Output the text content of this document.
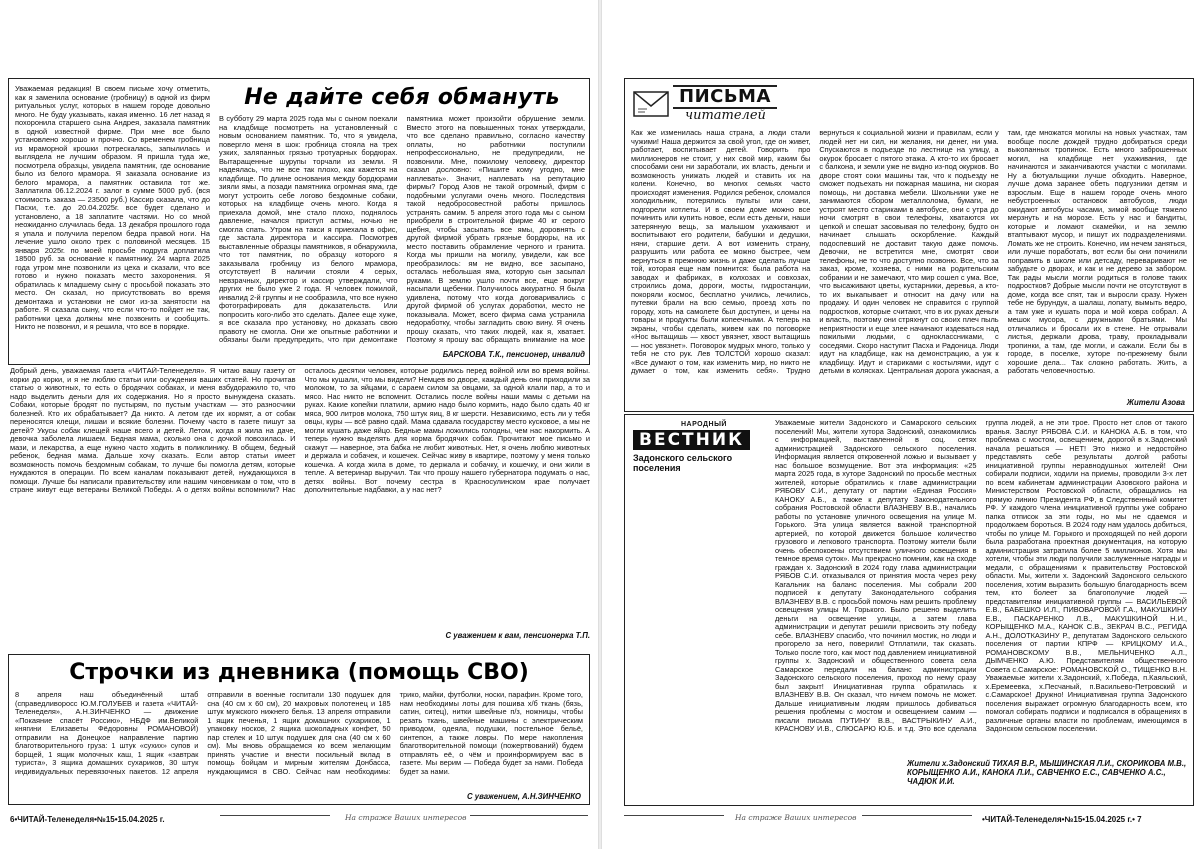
Уважаемая редакция! В своем письме хочу отметить, как я заменила основание (гробницу) в одной из фирм ритуальных услуг, которых в нашем городе довольно много. Не буду указывать, какая именно. 16 лет назад я похоронила старшего сына Андрея, заказала памятник в одной известной фирме. При мне все было установлено хорошо и прочно. Со временем гробница из мраморной крошки потрескалась, запылилась и выглядела не лучшим образом. Я пришла туда же, посмотрела образцы, увидела памятник, где основание было из белого мрамора. Я заказала основание из белого мрамора, а памятник оставила тот же. Заплатила 06.12.2024 г. залог в сумме 5000 руб. (вся стоимость заказа — 23500 руб.) Кассир сказала, что до Пасхи, т.е. до 20.04.2025г. все будет сделано и установлено, а 18 заплатите частями. Но со мной неожиданно случилась беда. 13 декабря прошлого года я упала и получила перелом бедра правой ноги. На лечение ушло около трех с половиной месяцев. 15 января 2025г. по моей просьбе подруга доплатила 18500 руб. за основание к памятнику. 24 марта 2025 года утром мне позвонили из цеха и сказали, что все готово и нужно показать место захоронения. Я обратилась к младшему сыну с просьбой показать это место. Он сказал, но присутствовать во время демонтажа и установки не смог из-за занятости на работе. Я сказала сыну, что если что-то пойдет не так, работники цеха должны мне позвонить и сообщить. Никто не позвонил, и я решила, что все в порядке.

Не дайте себя обмануть

В субботу 29 марта 2025 года мы с сыном поехали на кладбище посмотреть на установленный с новым основанием памятник. То, что я увидела, повергло меня в шок: гробница стояла на трех узких, заляпанных грязью тротуарных бордюрах. Вытаращенные шурупы торчали из земли. Я надеялась, что не все так плохо, как кажется на кладбище. По длине основания между бордюрами зияли ямы, а позади памятника огромная яма, где могут устроить себе логово бездомные собаки, которых на кладбище очень много. Когда я приехала домой, мне стало плохо, поднялось давление, начался приступ астмы, ночью не смогла спать. Утром на такси я приехала в офис, где застала директора и кассира. Посмотрев выставленные образцы памятников, я обнаружила, что тот памятник, по образцу которого я заказывала гробницу из белого мрамора, отсутствует! В наличии стояли 4 серых, невзрачных, директор и кассир утверждали, что других не было уже 2 года. Я человек пожилой, инвалид 2-й группы и не сообразила, что все нужно фотографировать для доказательств. Или попросить кого-либо это сделать. Далее еще хуже, я все сказала про установку, но доказать свою правоту не смогла. Они же опытные работники и обязаны были предупредить, что при демонтаже памятника может произойти обрушение земли. Вместо этого на повышенных тонах утверждали, что все сделано правильно, согласно качеству оплаты, но работники поступили непрофессионально, не предупредили, не позвонили. Мне, пожилому человеку, директор сказал дословно: «Пишите кому угодно, мне наплевать». Значит, наплевать на репутацию фирмы? Город Азов не такой огромный, фирм с подобными услугами очень много. Последствия такой недобросовестной работы пришлось устранять самим. 5 апреля этого года мы с сыном приобрели в строительной фирме 40 кг серого щебня, чтобы засыпать все ямы, доровнять с другой фирмой убрать грязные бордюры, на их место поставить обрамление черного и гранита. Когда мы пришли на могилу, увидели, как все преобразилось: ям не видно, все засыпано, осталась небольшая яма, которую сын засыпал руками. В землю ушло почти все, еще вокруг насыпали щебенки. Получилось аккуратно. Я была удивлена, потому что когда договаривались с другой фирмой об услугах доработки, место не показывала. Может, всего фирма сама устранила недоработку, чтобы загладить свою вину. Я очень прошу сказать, что таких людей, как я, хватает. Поэтому я прошу вас обращать внимание на мое

БАРСКОВА Т.К., пенсионер, инвалид

Добрый день, уважаемая газета «ЧИТАЙ-Теленеделя». Я читаю вашу газету от корки до корки, и я не люблю статьи или осуждения ваших статей. Но прочитав статью о животных, то есть о бродячих собаках, и меня взбудоражило то, что надо выделить деньги для их содержания. Но я просто вынуждена сказать. Собаки, которые бродят по пустырям, по пустым участкам — это разносчики болезней. Кто их обрабатывает? Да никто. А летом где их кормят, а от собак переносятся клещи, лишаи и всякие болезни. Почему часто в газете пишут за детей? Укусы собак клещей наше всего и детей. Летом, когда я жила на даче, девочка заболела лишаем. Бедная мама, сколько она с дочкой повозилась. И мази, и лекарства, а еще нужно часто ходить в поликлинику. В общем, бедный ребенок, бедная мама. Дальше хочу сказать. Если автор статьи имеет возможность помочь бездомным собакам, то лучше бы помогла детям, которые нуждаются в операции. По всем каналам показывают детей, нуждающихся в помощи. Лучше бы написали правительству или нашим чиновникам о том, что в стране живут еще ветераны Великой Победы. А о детях войны вспомнили? Нас осталось десятки человек, которые родились перед войной или во время войны. Что мы кушали, что мы видели? Немцев во дворе, каждый день они приходили за молоком, то за яйцами, с сараем силом за овцами, за одной клали пар, а то и мясо. Нас никто не вспомнит. Остались после войны наши мамы с детьми на руках. Какие копейки платили, армию надо было кормить, надо было сдать 40 кг мяса, 900 литров молока, 750 штук яиц, 8 кг шерсти. Независкимо, есть ли у тебя овцы, куры — всё равно сдай. Мама сдавала государству место кусковое, а мы не могли кушать даже яйцо. Бедные мамы ложились голодны, чем нас накормить. А теперь нужно выделять для корма бродячих собак. Прочитают мое письмо и скажут — наверное, эта бабка не любит животных. Нет, я очень люблю животных и держала и собачек, и кошечек. Сейчас живу в квартире, поэтому у меня только кошечка. А когда жила в доме, то держала и собачку, и кошечку, и они жили в тепле. А ветеринар выручил. Так что прошу нашего губернатора подумать о нас, детях войны. Вот почему сестра в Красносулинском крае получает дополнительные надбавки, а у нас нет?

С уважением к вам, пенсионерка Т.П.

Строчки из дневника (помощь СВО)

8 апреля наш объединённый штаб (справедливоросс Ю.М.ГОЛУБЕВ и газета «ЧИТАЙ-Теленеделя», А.Н.ЗИНЧЕНКО — движение «Покаяние спасёт Россию», НБДФ им.Великой княгини Елизаветы Фёдоровны РОМАНОВОЙ) отправили на Донецкое направление партию благотворительного груза: 1 штук «сухих» супов и борщей, 1 ящик молочных каш, 1 ящик «завтрак туриста», 3 ящика домашних сухариков, 30 штук индивидуальных перевязочных пакетов. 12 апреля отправили в военные госпитали 130 подушек для сна (40 см х 60 см), 20 махровых полотенец и 185 штук мужского нижнего белья. 13 апреля отправили 1 ящик печенья, 1 ящик домашних сухариков, 1 упаковку носков, 2 ящика шоколадных конфет, 50 пар стелек и 10 штук подушек для сна (40 см х 60 см). Мы вновь обращаемся ко всем желающим принять участие и внести посильный вклад в помощь бойцам и мирным жителям Донбасса, нуждающимся в СВО. Сейчас нам необходимы: трико, майки, футболки, носки, парафин. Кроме того, нам необходимы лоты для пошива х/б ткань (бязь, сатин, ситец), нитки швейные п/з, ножницы, чтобы резать ткань, швейные машины с электрическим приводом, одеяла, подушки, постельное бельё, синтепон, а также ловры. По мере накопления благотворительной помощи (пожертвований) будем отправлять её, о чём и проинформируем вас в газете. Мы верим — Победа будет за нами. Победа будет за нами.

С уважением, А.Н.ЗИНЧЕНКО

6•ЧИТАЙ-Теленеделя•№15•15.04.2025 г.	На страже Ваших интересов
ПИСЬМА
читателей

Как же изменилась наша страна, а люди стали чужими! Наша держится за свой угол, где он живет, работает, воспитывает детей. Говорить про миллионеров не стоит, у них свой мир, каким бы способами они ни заработали, их власть, деньги и возможность унижать людей и ставить их на колени. Конечно, во многих семьях часто происходят изменения. Родился ребенок, сломался холодильник, потерялись пульты или сани, подгорели котлеты. И в своем доме можно все починить или купить новое, если есть деньги, наши затерянную вещь, за малышом ухаживают и воспитывают его родители, бабушки и дедушки, няни, старшие дети. А вот изменить страну, разрушить или работа ее можно быстрее, чем вернуться в прежнюю жизнь и даже сделать лучше той, которая еще нам помнится: была работа на заводах и фабриках, в колхозах и совхозах, строились дома, дороги, мосты, гидростанции, покоряли космос, бесплатно учились, лечились, путевки брали на всю семью, проезд хоть по городу, хоть на самолете был доступен, и цены на товары и продукты были копеечными. А теперь на экраны, чтобы сделать, живем как по поговорке «Нос вытащишь — хвост увязнет, хвост вытащишь — нос увязнет». Поговорок мудрых много, только у тебя не сто рук. Лев ТОЛСТОЙ хорошо сказал: «Все думают о том, как изменить мир, но никто не думает о том, как изменить себя». Трудно вернуться к социальной жизни и правилам, если у людей нет ни сил, ни желания, ни денег, ни ума. Спускаются в подъезде по лестнице на улицу, а окурок бросает с пятого этажа. А кто-то их бросает с балкона, и земли уже не видно из-под окурков. Во дворе стоят соки машины так, что к подъезду не сможет подъехать ни пожарная машина, ни скорая помощь, ни доставка мебели. Школьники уже не занимаются сбором металлолома, бумаги, не устроят место стариками в автобусе, они с утра до ночи смотрят в свои телефоны, хватаются их цепкой и спешат засовывая по телефону, будто он начинает слышать оскорбление. Каждый подоспевший не доставит такую даже помочь. Девочки, не встретится мне, смотрят свои телефоны, не то что доступно позвоню. Все, что за заказ, кроме, хозяева, с ними на родительским собрании и не замечают, что мир сошел с ума. Все, что высаживают цветы, кустарники, деревья, а кто-то их выкапывает и относит на дачу или на продажу. И один человек не справится с группой подростков, которые считают, что в их руках деньги и власть, поэтому они стряхнут со своих плеч пыль неприятности и еще злее начинают издеваться над пожилыми людьми, с одноклассниками, с соседями. Скоро наступит Пасха и Радоница. Люди идут на кладбище, как на демонстрацию, а уж к кладбищу. Идут и стариками с костылями, идут с детьми в колясках. Центральная дорога ужасная, а там, где множатся могилы на новых участках, там вообще после дождей трудно добираться среди выкопанных тропинок. Есть много заброшенных могил, на кладбище нет ухаживания, где начинаются и заканчиваются участки с могилами. Ну а бютуальщики лучше обходить. Наверное, лучше дома заранее обеть подгузники детям и взрослым. Еще в нашем городе очень много небустроенных остановок автобусов, люди ожидают автобусы часами, зимой вообще тяжело мерзнуть и на морозе. Есть у нас и бандиты, которые и ломают скамейки, и на землю втаптывают мусор, и пишут их подразделениями. Ломать же не строить. Конечно, им нечем заняться, или лучше поработать, вот если бы они починили поправить в школе или детсаду, переваривают не забудьте о дворах, и как и не дерево за забором. Так рады мысли могли родиться в голове таких подростков? Добрые мысли почти не отсутствуют в доме, когда все спят, так и выросли сразу. Нужен тебе не бурундук, а шалаш, лопату, вымыть ведро, а там уже и кушать пора и мой ковра собрал. А мешок мусора, с дружными братьями. Мы отличались и бросали их в стене. Не отрывали листья, держали дрова, траву, прокладывали тропинки, а там, где могли, и сажали. Если бы в городе, в поселке, хуторе по-прежнему были хорошие дела... Так сложно работать. Жить, а работать человечностью.

Жители Азова

НАРОДНЫЙ
ВЕСТНИК
Задонского сельского поселения

Уважаемые жители Задонского и Самарского сельских поселений! Мы, жители хутора Задонский, ознакомились с информацией, выставленной в соц. сетях администрацией Задонского сельского поселения. Информация является откровенной ложью и вызывает у нас большое возмущение. Вот эта информация: «25 марта 2025 года, в хуторе Задонский по просьбе местных жителей, которые обратились к главе администрации РЯБОВУ С.И., депутату от партии «Единая Россия» КАНОКУ А.Б., а также к депутату Законодательного собрания Ростовской области ВЛАЗНЕВУ В.В., начались работы по установке уличного освещения на улице М. Горького. Эта улица является важной транспортной артерией, по которой движется большое количество грузового и легкового транспорта. Поэтому жители были очень обеспокоены отсутствием уличного освещения в темное время суток». Мы прекрасно помним, как на сходе граждан х. Задонский в 2024 году глава администрации РЯБОВ С.И. отказывался от принятия моста через реку Кагальник на баланс поселения. Мы собрали 200 подписей к депутату Законодательного собрания ВЛАЗНЕВУ В.В. с просьбой помочь нам решить проблему освещения улицы М. Горького. Было решено выделить деньги на освещение улицы, а затем глава администрации и депутат решили присвоить эту победу себе. ВЛАЗНЕВУ спасибо, что починил мостик, но люди и прогорело за него, поверили! Отплатили, так сказать. Только после того, как мост под давлением инициативной группы х. Задонский и общественного совета села Самарское передали на баланс администрации Задонского сельского поселения, проход по нему сразу был закрыт! Инициативная группа обратилась к ВЛАЗНЕВУ В.В. Он сказал, что ничем помочь не может. Дальше инициативным людям пришлось добиваться решения проблемы с мостом и освещением самим — писали письма ПУТИНУ В.В., ВАСТРЫКИНУ А.И., КРАСНОВУ И.В., СЛЮСАРЮ Ю.Б. и т.д. Это все сделала группа людей, а не эти трое. Просто нет слов от такого вранья. Заслуг РЯБОВА С.И. и КАНОКА А.Б. в том, что проблема с мостом, освещением, дорогой в х.Задонский начала решаться — НЕТ! Это низко и недостойно представлять себе результаты долгой работы инициативной группы неравнодушных жителей! Они собирали подписи, ходили на приемы, проводили 3-х лет по всем кабинетам администрации Азовского района и Министерством Ростовской области, обращались на прямую линию Президента РФ, в Следственный комитет РФ. У каждого члена инициативной группы уже собрано папка отписок за эти годы, но мы не сдаемся и продолжаем бороться. В 2024 году нам удалось добиться, чтобы по улице М. Горького и проходящей по ней дороги была разработана проектная документация, на которую администрация затратила более 5 миллионов. Хотя мы хотели, чтобы эти люди получили заслуженные награды и медали, с обращениями к правительству Ростовской области. Мы, жители х. Задонский Задонского сельского поселения, хотим выразить большую благодарность всем тем, кто болеет за благополучие людей — представителям инициативной группы — ВАСИЛЬЕВОЙ Е.В., БАБЕШКО И.Л., ПИВОВАРОВОЙ Г.А., МАКУШКИНУ Е.В., ПАСКАРЕНКО Л.В., МАКУШКИНОЙ Н.И., КОРЫЩЕНКО М.А., КАНОК С.В., ЗЕКРАЧ В.С., РЕГИДА А.Н., ДОЛОТКАЗИНУ Р., депутатам Задонского сельского поселения от партии КПРФ — КРИЦКОМУ И.А., РОМАНОВСКОМУ В.В., МЕЛЬНИЧЕНКО А.Л., ДЫМЧЕНКО А.Ю. Представителям общественного Совета с.Самарское: РОМАНОВСКОЙ О., ТИЩЕНКО В.Н. Уважаемые жители х.Задонский, х.Победа, п.Каяльский, х.Еремеевка, х.Песчаный, п.Васильево-Петровский и с.Самарское! Дружно! Инициативная группа Задонского поселения выражает огромную благодарность всем, кто помогал собирать подписи и подписался в обращениях в различные органы власти по проблемам, имеющимся в Задонском сельском поселении.

Жители х.Задонский ТИХАЯ В.Р., МЫШИНСКАЯ Л.И., СКОРИКОВА М.В., КОРЫЩЕНКО А.И., КАНОКА Л.И., САВЧЕНКО Е.С., САВЧЕНКО А.С., ЧАДЮК И.И.

На страже Ваших интересов	•ЧИТАЙ-Теленеделя•№15•15.04.2025 г.• 7
